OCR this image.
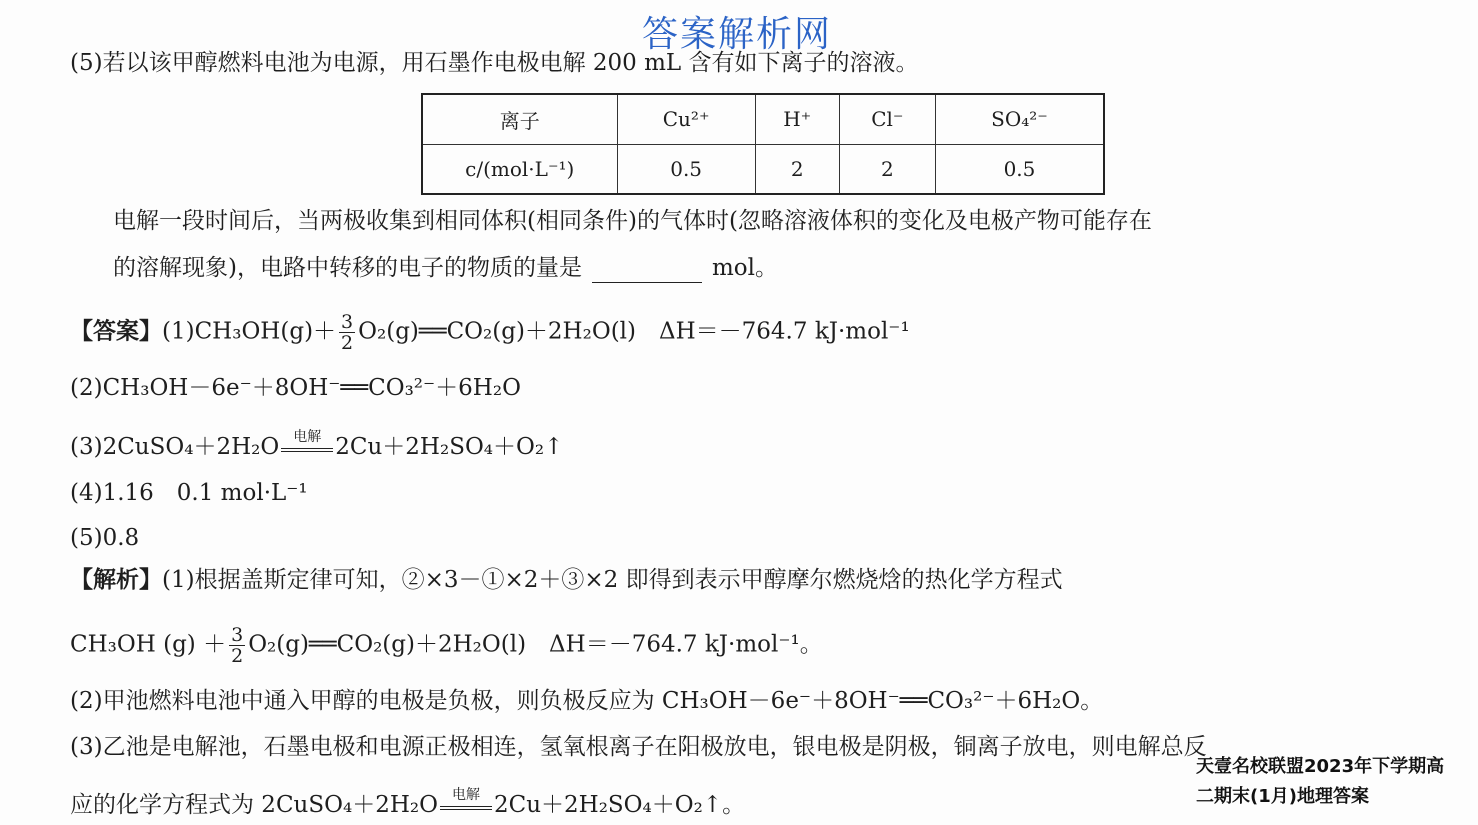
答案解析网
(5)若以该甲醇燃料电池为电源，用石墨作电极电解 200 mL 含有如下离子的溶液。
离子	Cu²⁺	H⁺	Cl⁻	SO₄²⁻
c/(mol·L⁻¹)	0.5	2	2	0.5
电解一段时间后，当两极收集到相同体积(相同条件)的气体时(忽略溶液体积的变化及电极产物可能存在
的溶解现象)，电路中转移的电子的物质的量是	mol。
【答案】$(1)CH_3OH(g)+ \frac{3}{2}$ O₂(g)══CO₂(g)＋2H₂O(l)　ΔH＝－764.7 kJ·mol⁻¹
(2)CH₃OH－6e⁻＋8OH⁻══CO₃²⁻＋6H₂O
(3)2CuSO₄＋2H₂O	电解 2Cu＋2H₂SO₄＋O₂↑
(4)1.16　0.1 mol·L⁻¹
(5)0.8
【解析】(1)根据盖斯定律可知，②×3－①×2＋③×2 即得到表示甲醇摩尔燃烧焓的热化学方程式
CH₃OH $(g) + \frac{3}{2}$ O₂(g)══CO₂(g)＋2H₂O(l)　ΔH＝－764.7 kJ·mol⁻¹。
(2)甲池燃料电池中通入甲醇的电极是负极，则负极反应为 CH₃OH－6e⁻＋8OH⁻══CO₃²⁻＋6H₂O。
(3)乙池是电解池，石墨电极和电源正极相连，氢氧根离子在阳极放电，银电极是阴极，铜离子放电，则电解总反
应的化学方程式为 2CuSO₄＋2H₂O	电解 2Cu＋2H₂SO₄＋O₂↑。
天壹名校联盟2023年下学期高
二期末(1月)地理答案
